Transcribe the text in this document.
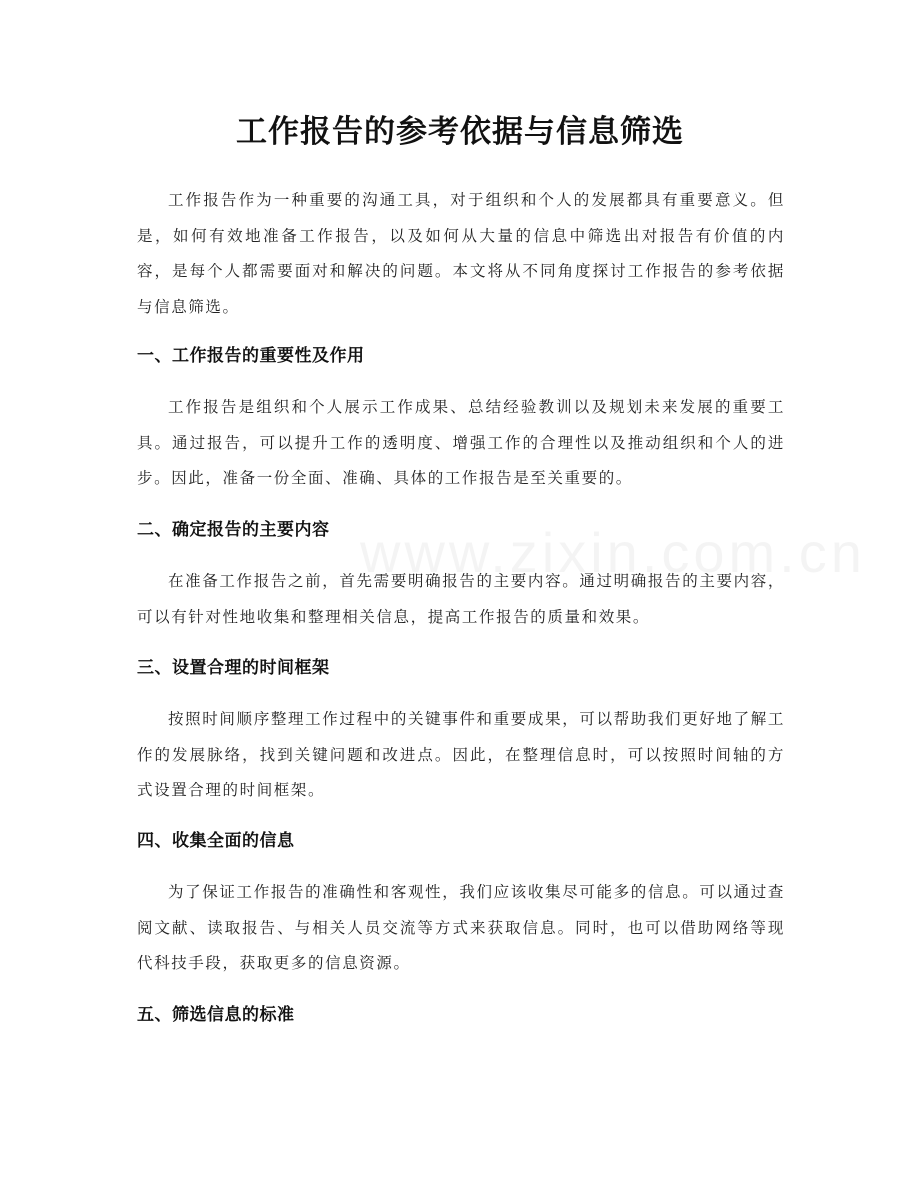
工作报告的参考依据与信息筛选

工作报告作为一种重要的沟通工具，对于组织和个人的发展都具有重要意义。但是，如何有效地准备工作报告，以及如何从大量的信息中筛选出对报告有价值的内容，是每个人都需要面对和解决的问题。本文将从不同角度探讨工作报告的参考依据与信息筛选。

一、工作报告的重要性及作用

工作报告是组织和个人展示工作成果、总结经验教训以及规划未来发展的重要工具。通过报告，可以提升工作的透明度、增强工作的合理性以及推动组织和个人的进步。因此，准备一份全面、准确、具体的工作报告是至关重要的。

二、确定报告的主要内容

在准备工作报告之前，首先需要明确报告的主要内容。通过明确报告的主要内容，可以有针对性地收集和整理相关信息，提高工作报告的质量和效果。

三、设置合理的时间框架

按照时间顺序整理工作过程中的关键事件和重要成果，可以帮助我们更好地了解工作的发展脉络，找到关键问题和改进点。因此，在整理信息时，可以按照时间轴的方式设置合理的时间框架。

四、收集全面的信息

为了保证工作报告的准确性和客观性，我们应该收集尽可能多的信息。可以通过查阅文献、读取报告、与相关人员交流等方式来获取信息。同时，也可以借助网络等现代科技手段，获取更多的信息资源。

五、筛选信息的标准
